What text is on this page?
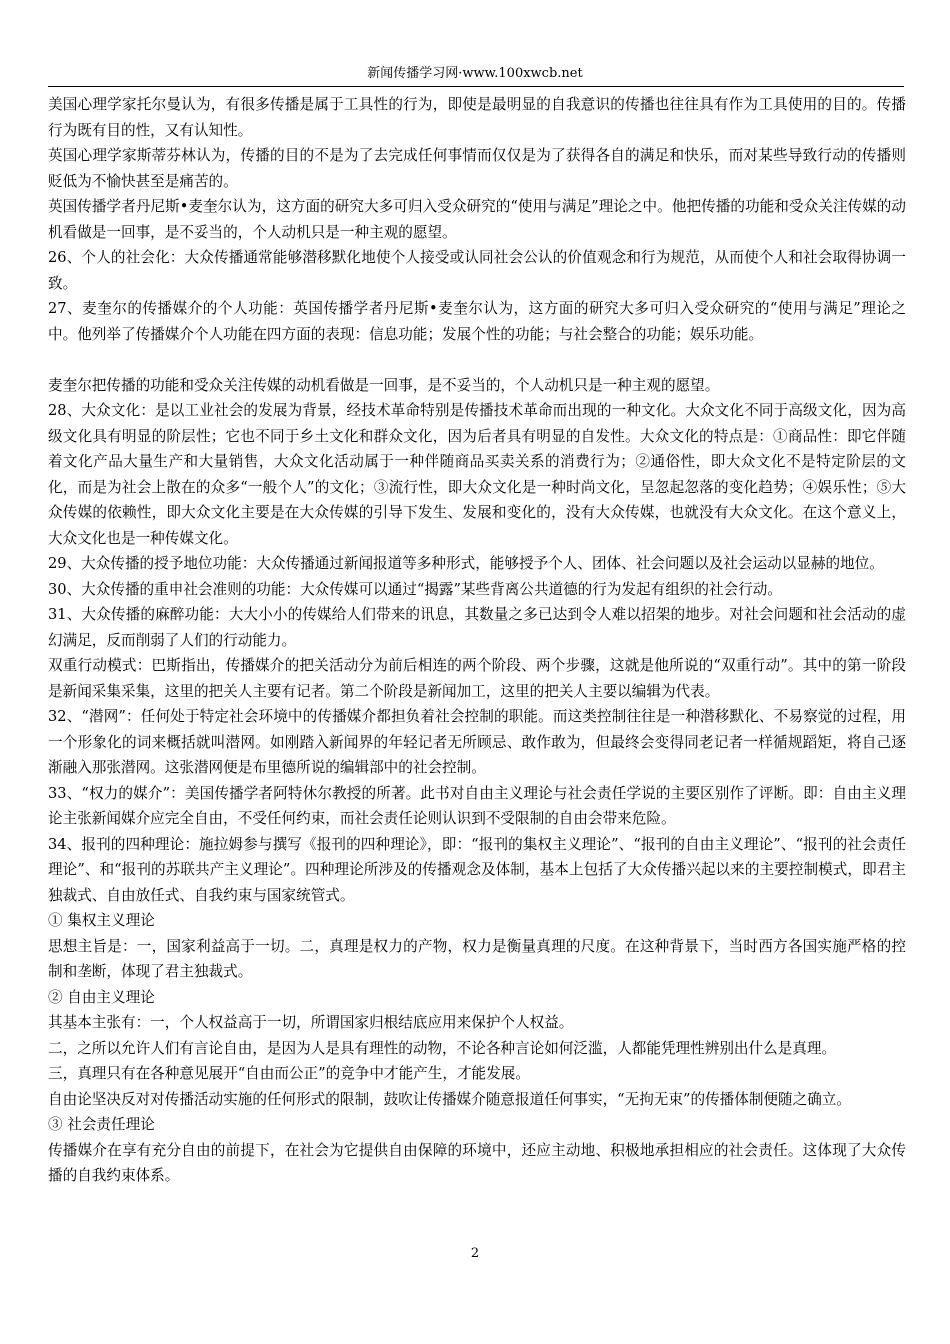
新闻传播学习网·www.100xwcb.net

美国心理学家托尔曼认为，有很多传播是属于工具性的行为，即使是最明显的自我意识的传播也往往具有作为工具使用的目的。传播行为既有目的性，又有认知性。

英国心理学家斯蒂芬林认为，传播的目的不是为了去完成任何事情而仅仅是为了获得各自的满足和快乐，而对某些导致行动的传播则贬低为不愉快甚至是痛苦的。

英国传播学者丹尼斯•麦奎尔认为，这方面的研究大多可归入受众研究的“使用与满足”理论之中。他把传播的功能和受众关注传媒的动机看做是一回事，是不妥当的，个人动机只是一种主观的愿望。

26、个人的社会化：大众传播通常能够潜移默化地使个人接受或认同社会公认的价值观念和行为规范，从而使个人和社会取得协调一致。

27、麦奎尔的传播媒介的个人功能：英国传播学者丹尼斯•麦奎尔认为，这方面的研究大多可归入受众研究的“使用与满足”理论之中。他列举了传播媒介个人功能在四方面的表现：信息功能；发展个性的功能；与社会整合的功能；娱乐功能。

麦奎尔把传播的功能和受众关注传媒的动机看做是一回事，是不妥当的，个人动机只是一种主观的愿望。

28、大众文化：是以工业社会的发展为背景，经技术革命特别是传播技术革命而出现的一种文化。大众文化不同于高级文化，因为高级文化具有明显的阶层性；它也不同于乡土文化和群众文化，因为后者具有明显的自发性。大众文化的特点是：①商品性：即它伴随着文化产品大量生产和大量销售，大众文化活动属于一种伴随商品买卖关系的消费行为；②通俗性，即大众文化不是特定阶层的文化，而是为社会上散在的众多“一般个人”的文化；③流行性，即大众文化是一种时尚文化，呈忽起忽落的变化趋势；④娱乐性；⑤大众传媒的依赖性，即大众文化主要是在大众传媒的引导下发生、发展和变化的，没有大众传媒，也就没有大众文化。在这个意义上，大众文化也是一种传媒文化。

29、大众传播的授予地位功能：大众传播通过新闻报道等多种形式，能够授予个人、团体、社会问题以及社会运动以显赫的地位。

30、大众传播的重申社会准则的功能：大众传媒可以通过“揭露”某些背离公共道德的行为发起有组织的社会行动。

31、大众传播的麻醉功能：大大小小的传媒给人们带来的讯息，其数量之多已达到令人难以招架的地步。对社会问题和社会活动的虚幻满足，反而削弱了人们的行动能力。

双重行动模式：巴斯指出，传播媒介的把关活动分为前后相连的两个阶段、两个步骤，这就是他所说的“双重行动”。其中的第一阶段是新闻采集采集，这里的把关人主要有记者。第二个阶段是新闻加工，这里的把关人主要以编辑为代表。

32、“潜网”：任何处于特定社会环境中的传播媒介都担负着社会控制的职能。而这类控制往往是一种潜移默化、不易察觉的过程，用一个形象化的词来概括就叫潜网。如刚踏入新闻界的年轻记者无所顾忌、敢作敢为，但最终会变得同老记者一样循规蹈矩，将自己逐渐融入那张潜网。这张潜网便是布里德所说的编辑部中的社会控制。

33、“权力的媒介”：美国传播学者阿特休尔教授的所著。此书对自由主义理论与社会责任学说的主要区别作了评断。即：自由主义理论主张新闻媒介应完全自由，不受任何约束，而社会责任论则认识到不受限制的自由会带来危险。

34、报刊的四种理论：施拉姆参与撰写《报刊的四种理论》，即：“报刊的集权主义理论”、“报刊的自由主义理论”、“报刊的社会责任理论”、和“报刊的苏联共产主义理论”。四种理论所涉及的传播观念及体制，基本上包括了大众传播兴起以来的主要控制模式，即君主独裁式、自由放任式、自我约束与国家统管式。

① 集权主义理论

思想主旨是：一，国家利益高于一切。二，真理是权力的产物，权力是衡量真理的尺度。在这种背景下，当时西方各国实施严格的控制和垄断，体现了君主独裁式。

② 自由主义理论

其基本主张有：一，个人权益高于一切，所谓国家归根结底应用来保护个人权益。

二，之所以允许人们有言论自由，是因为人是具有理性的动物，不论各种言论如何泛滥，人都能凭理性辨别出什么是真理。

三，真理只有在各种意见展开“自由而公正”的竞争中才能产生，才能发展。

自由论坚决反对对传播活动实施的任何形式的限制，鼓吹让传播媒介随意报道任何事实，“无拘无束”的传播体制便随之确立。

③ 社会责任理论

传播媒介在享有充分自由的前提下，在社会为它提供自由保障的环境中，还应主动地、积极地承担相应的社会责任。这体现了大众传播的自我约束体系。

2
